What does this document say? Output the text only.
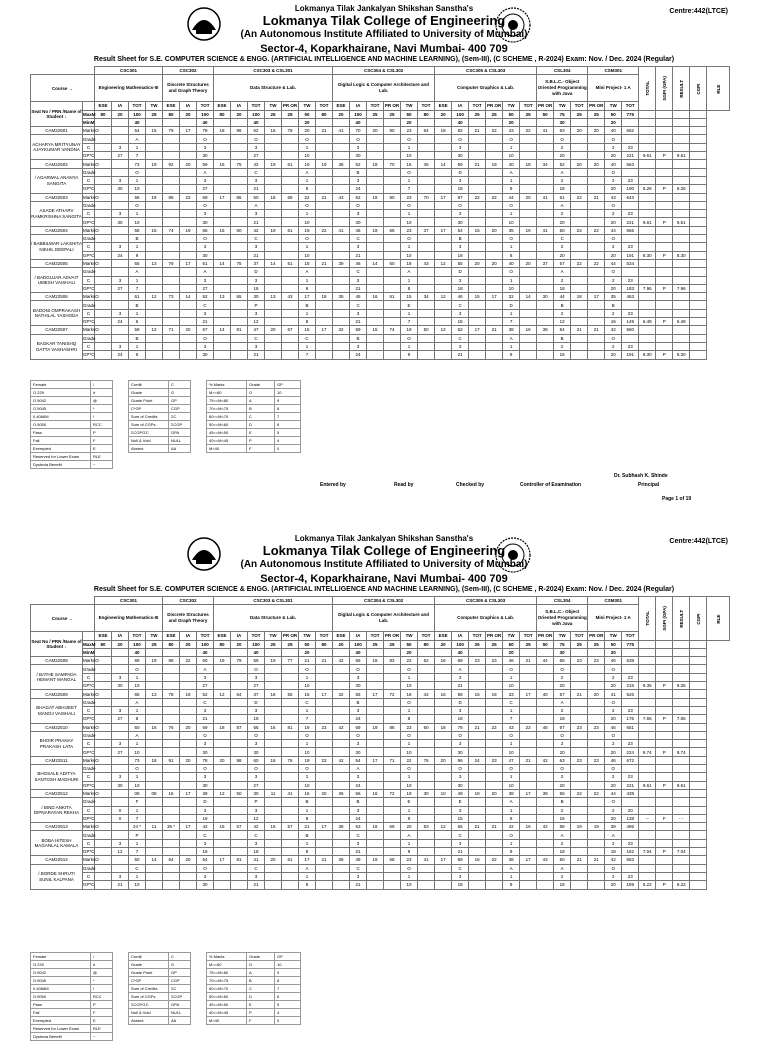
Centre:442(LTCE)
Lokmanya Tilak Jankalyan Shikshan Sanstha's
Lokmanya Tilak College of Engineering
(An Autonomous Institute Affiliated to University of Mumbai)
Sector-4, Koparkhairane, Navi Mumbai- 400 709
Result Sheet for S.E. COMPUTER SCIENCE & ENGG. (ARTIFICIAL INTELLIGENCE AND MACHINE LEARNING), (Sem-III), (C SCHEME , R-2024) Exam: Nov. / Dec. 2024 (Regular)
		CSC301				CSC302			CSC303 & CSL301							CSC304 & CSL302						CSC305 & CSL303						CSL304			CSM301			TOTAL	SGPI (GPA)	RESULT	CGPI	RLE
Course →		Engineering Mathematics-III				Discrete Structures and Graph Theory			Data Structure & Lab.							Digital Logic & Computer Architecture and Lab.						Computer Graphics & Lab.						S.B.L.C.- Object Oriented Programming with Java			Mini Project- 1 A							
Seat No / PRN /Name of Student ↓		ESE	IA	TOT	TW	ESE	IA	TOT	ESE	IA	TOT	TW	PR OR	TW	TOT	ESE	IA	TOT	PR OR	TW	TOT	ESE	IA	TOT	PR OR	TW	TOT	PR OR	TW	TOT	PR OR	TW	TOT					
	MaxM	80	20	100	25	80	20	100	80	20	100	25	25	50	80	20	100	25	25	50	80	20	100	25	25	50	25	50	75	25	25	50	775					
	MinM			40				40			40			20			40			20			40			20			30			20						
CAM22501	MarksO			64	15	79	17	78	18	96	62	16	78	20	21	41	70	20	90	23	64	18	82	21	22	43	22	41	63	20	20	40	652					
ACHARYA MRITYUNAY AJAYKUMAR VANDNA	Grade			A				O			O			O			O			O			O			O			O			O						
	C		3	1				3			3			1			3			1			3			1			2			2	23					
	GP*C		27	7				30			27			10			30			10			30			10			20			20	221	9.61	P	9.61		
CAM22502	MarksO			73	19	92	20	59	16	75	42	19	61	19	19	38	52	18	70	16	45	14	59	21	19	40	18	34	52	20	20	40	563					
/ AGARWAL ANANYA SANGITA	Grade			O				A			C			A			B			O			D			A			A			O						
	C		3	1				3			3			1			3			1			3			1			2			2	23					
	GP*C		30	10				27			21			9			24			7			18			9			18			20	190	8.26	P	8.26		
CAM22503	MarksO			66	19	85	23	69	17	86	50	18	68	22	21	43	62	18	80	23	70	17	87	22	22	44	20	41	61	22	21	43	643					
ASADE ATHARV RAMKRISHNA SANGITA	Grade			O				O			A			O			O			O			O			O			A			O						
	C		3	1				3			3			1			3			1			3			1			2			2	23					
	GP*C		30	10				30			21			10			30			10			30			10			20			20	221	9.61	P	9.61		
CAM22504	MarksO			58	16	74	19	65	15	80	42	19	61	19	22	41	46	19	65	23	37	17	54	15	20	35	19	41	60	22	22	44	556					
/ BABBILWAR LAKSHITA NIKHIL DEEPALI	Grade			B				O			C			O			C			O			B			O			C			O						
	C		3	1				3			3			1			3			1			3			1			2			2	23					
	GP*C		24	9				30			21			10			21			10			18			8			20			20	191	8.30	P	8.30		
CAM22505	MarksO			65	13	78	17	61	14	75	37	14	51	18	21	39	46	14	60	18	43	12	55	20	20	40	20	37	57	22	22	44	534					
/ BADGUJAR ADVAIT UMESH VAISHALI	Grade			A				A			D			A			C			A			D			O			A			O						
	C		3	1				3			3			1			3			1			3			1			2			2	23					
	GP*C		27	7				27			18			9			21			8			18			10			18			20	183	7.96	P	7.96		
CAM22506	MarksO			61	12	73	14	52	13	65	30	13	43	17	18	35	45	16	61	15	34	12	46	15	17	32	14	30	44	18	17	35	463					
BADONI OMPRAKASH NATHILAL YASHODA	Grade			B				C			P			B			C			E			C			D			B			B						
	C		3	1				3			3			1			3			1			3			1			2			2	23					
	GP*C		24	6				21			12			8			21			7			15			7			12			16	149	6.48	P	6.48		
CAM22507	MarksO			59	12	71	20	67	14	81	47	20	67	15	17	32	59	15	74	19	50	12	62	17	21	38	16	38	54	21	21	42	560					
BAGKAR TANISHQ DATTA VASHASHRI	Grade			B				O			C			C			B			O			C			A			B			O						
	C		3	1				3			3			1			3			1			3			1			2			2	23					
	GP*C		24	5				30			21			7			24			9			21			9			16			20	191	8.30	P	8.30		
Female	/		Credit	C		% Marks	Grade	GP
O.229	#		Grade	G		M>=80	O	10
O.5042	@		Grade Point	GP		75<=M<80	A	9
O.5045	*		C*GP	CGP		70<=M<75	B	8
0.4066M	!		Sum of Credits	ΣC		60<=M<70	C	7
O.5050	RCC		Sum of CGPs	ΣCGP		50<=M<60	D	6
Pass	P		ΣCGP/ΣC	GPA		45<=M<50	E	5
Fail	F		Null & Void	NULL		40<=M<45	P	4
Exempted	E		Absent	AA		M<40	F	0
Reserved for Lower Exam	RLE							
Dyslexia Benefit	~							
Entered by	Read by	Checked by	Controller of Examination
Dr. Subhash K. Shinde
Principal
Page 1 of 19
Centre:442(LTCE)
Lokmanya Tilak Jankalyan Shikshan Sanstha's
Lokmanya Tilak College of Engineering
(An Autonomous Institute Affiliated to University of Mumbai)
Sector-4, Koparkhairane, Navi Mumbai- 400 709
Result Sheet for S.E. COMPUTER SCIENCE & ENGG. (ARTIFICIAL INTELLIGENCE AND MACHINE LEARNING), (Sem-III), (C SCHEME , R-2024) Exam: Nov. / Dec. 2024 (Regular)
		CSC301				CSC302			CSC303 & CSL301							CSC304 & CSL302						CSC305 & CSL303						CSL304			CSM301			TOTAL	SGPI (GPA)	RESULT	CGPI	RLE
Course →		Engineering Mathematics-III				Discrete Structures and Graph Theory			Data Structure & Lab.							Digital Logic & Computer Architecture and Lab.						Computer Graphics & Lab.						S.B.L.C.- Object Oriented Programming with Java			Mini Project- 1 A							
Seat No / PRN /Name of Student ↓		ESE	IA	TOT	TW	ESE	IA	TOT	ESE	IA	TOT	TW	PR OR	TW	TOT	ESE	IA	TOT	PR OR	TW	TOT	ESE	IA	TOT	PR OR	TW	TOT	PR OR	TW	TOT	PR OR	TW	TOT					
	MaxM	80	20	100	25	80	20	100	80	20	100	25	25	50	80	20	100	25	25	50	80	20	100	25	25	50	25	50	75	25	25	50	775					
	MinM			40				40			40			20			40			20			40			20			30			20						
CAM22508	MarksO			69	19	88	22	60	19	79	59	19	77	21	21	42	65	18	83	22	52	16	68	23	23	46	21	44	65	23	23	46	638					
/ BATHE SAMPADA HEMANT MANGAL	Grade			O				A			O			O			O			O			A			O			O			O						
	C		3	1				3			3			1			3			1			3			1			2			2	23					
	GP*C		30	10				27			27			10			30			10			21			10			20			20	215	9.35	P	9.35		
CAM22509	MarksO			65	13	78	18	52	12	64	37	18	55	15	17	32	55	17	72	18	42	16	58	15	18	33	17	40	57	21	20	41	526					
BHAGAT ABHIJEET MANOJ VAISHALI	Grade			A				C			D			C			B			O			D			C			A			O						
	C		3	1				3			3			1			3			1			3			1			2			2	23					
	GP*C		27	8				21			18			7			24			8			18			7			18			20	176	7.65	P	7.65		
CAM22510	MarksO			60	16	76	20	69	18	87	65	16	81	19	23	42	69	19	88	23	60	18	78	21	22	43	22	45	67	23	23	46	651					
BHOIR PRANAY PRAKASH LATA	Grade			A				O			O			O			O			O			O			O			O			O						
	C		3	1				3			3			1			3			1			3			1			2			2	23					
	GP*C		27	10				30			30			10			30			10			30			10			20			20	224	9.74	P	9.74		
CAM22511	MarksO			73	18	91	20	78	20	98	60	16	76	19	23	42	54	17	71	22	76	20	96	24	23	47	21	42	63	23	23	46	672					
BHOSALE ADITYA SANTOSH MADHURI	Grade			O				O			O			O			A			O			O			O			O			O						
	C		3	1				3			3			1			3			1			3			1			2			2	23					
	GP*C		30	10				30			27			10			24			10			30			10			20			20	221	9.61	P	9.61		
CAM22512	MarksO			08	08	16	17	38	12	50	30	11	41	16	20	36	56	16	72	19	30	10	49	18	20	38	17	39	56	22	22	44	438					
/ BIND ANKITA DIPNARAYAN REKHA	Grade			F				D			P			B			B			E			E			A			B			O						
	C		0	1				3			3			1			3			1			3			1			2			2	20					
	GP*C		0	7				18			12			8			24			9			15			8			16			20	138	--	F	- -		
CAM22513	MarksO			24 *	11	35 *	17	42	15	57	42	15	57	21	17	38	53	16	69	20	53	12	65	21	21	42	16	42	58	19	19	38	496					
BOBA HITESH MAGANLAL KAMALA	Grade			P				C			C			B			C			A			C			O			A			A						
	C		3	1				3			3			1			3			1			3			1			2			2	23					
	GP*C		12	7				18			18			8			21			9			21			9			18			18	162	7.04	P	7.04		
CAM22514	MarksO			50	14	64	20	64	17	81	41	20	61	17	21	38	49	19	68	23	41	17	58	16	22	38	17	43	60	21	21	42	553					
/ BORDE SHRUTI SUNIL KALPANA	Grade			C				O			C			A			C			O			C			A			A			O						
	C		3	1				3			3			1			3			1			3			1			2			2	23					
	GP*C		21	10				30			21			9			21			10			18			9			18			20	189	8.22	P	8.22		
Female	/		Credit	C		% Marks	Grade	GP
O.229	#		Grade	G		M>=80	O	10
O.5042	@		Grade Point	GP		75<=M<80	A	9
O.5045	*		C*GP	CGP		70<=M<75	B	8
0.4066M	!		Sum of Credits	ΣC		60<=M<70	C	7
O.5050	RCC		Sum of CGPs	ΣCGP		50<=M<60	D	6
Pass	P		ΣCGP/ΣC	GPA		45<=M<50	E	5
Fail	F		Null & Void	NULL		40<=M<45	P	4
Exempted	E		Absent	AA		M<40	F	0
Reserved for Lower Exam	RLE							
Dyslexia Benefit	~							
